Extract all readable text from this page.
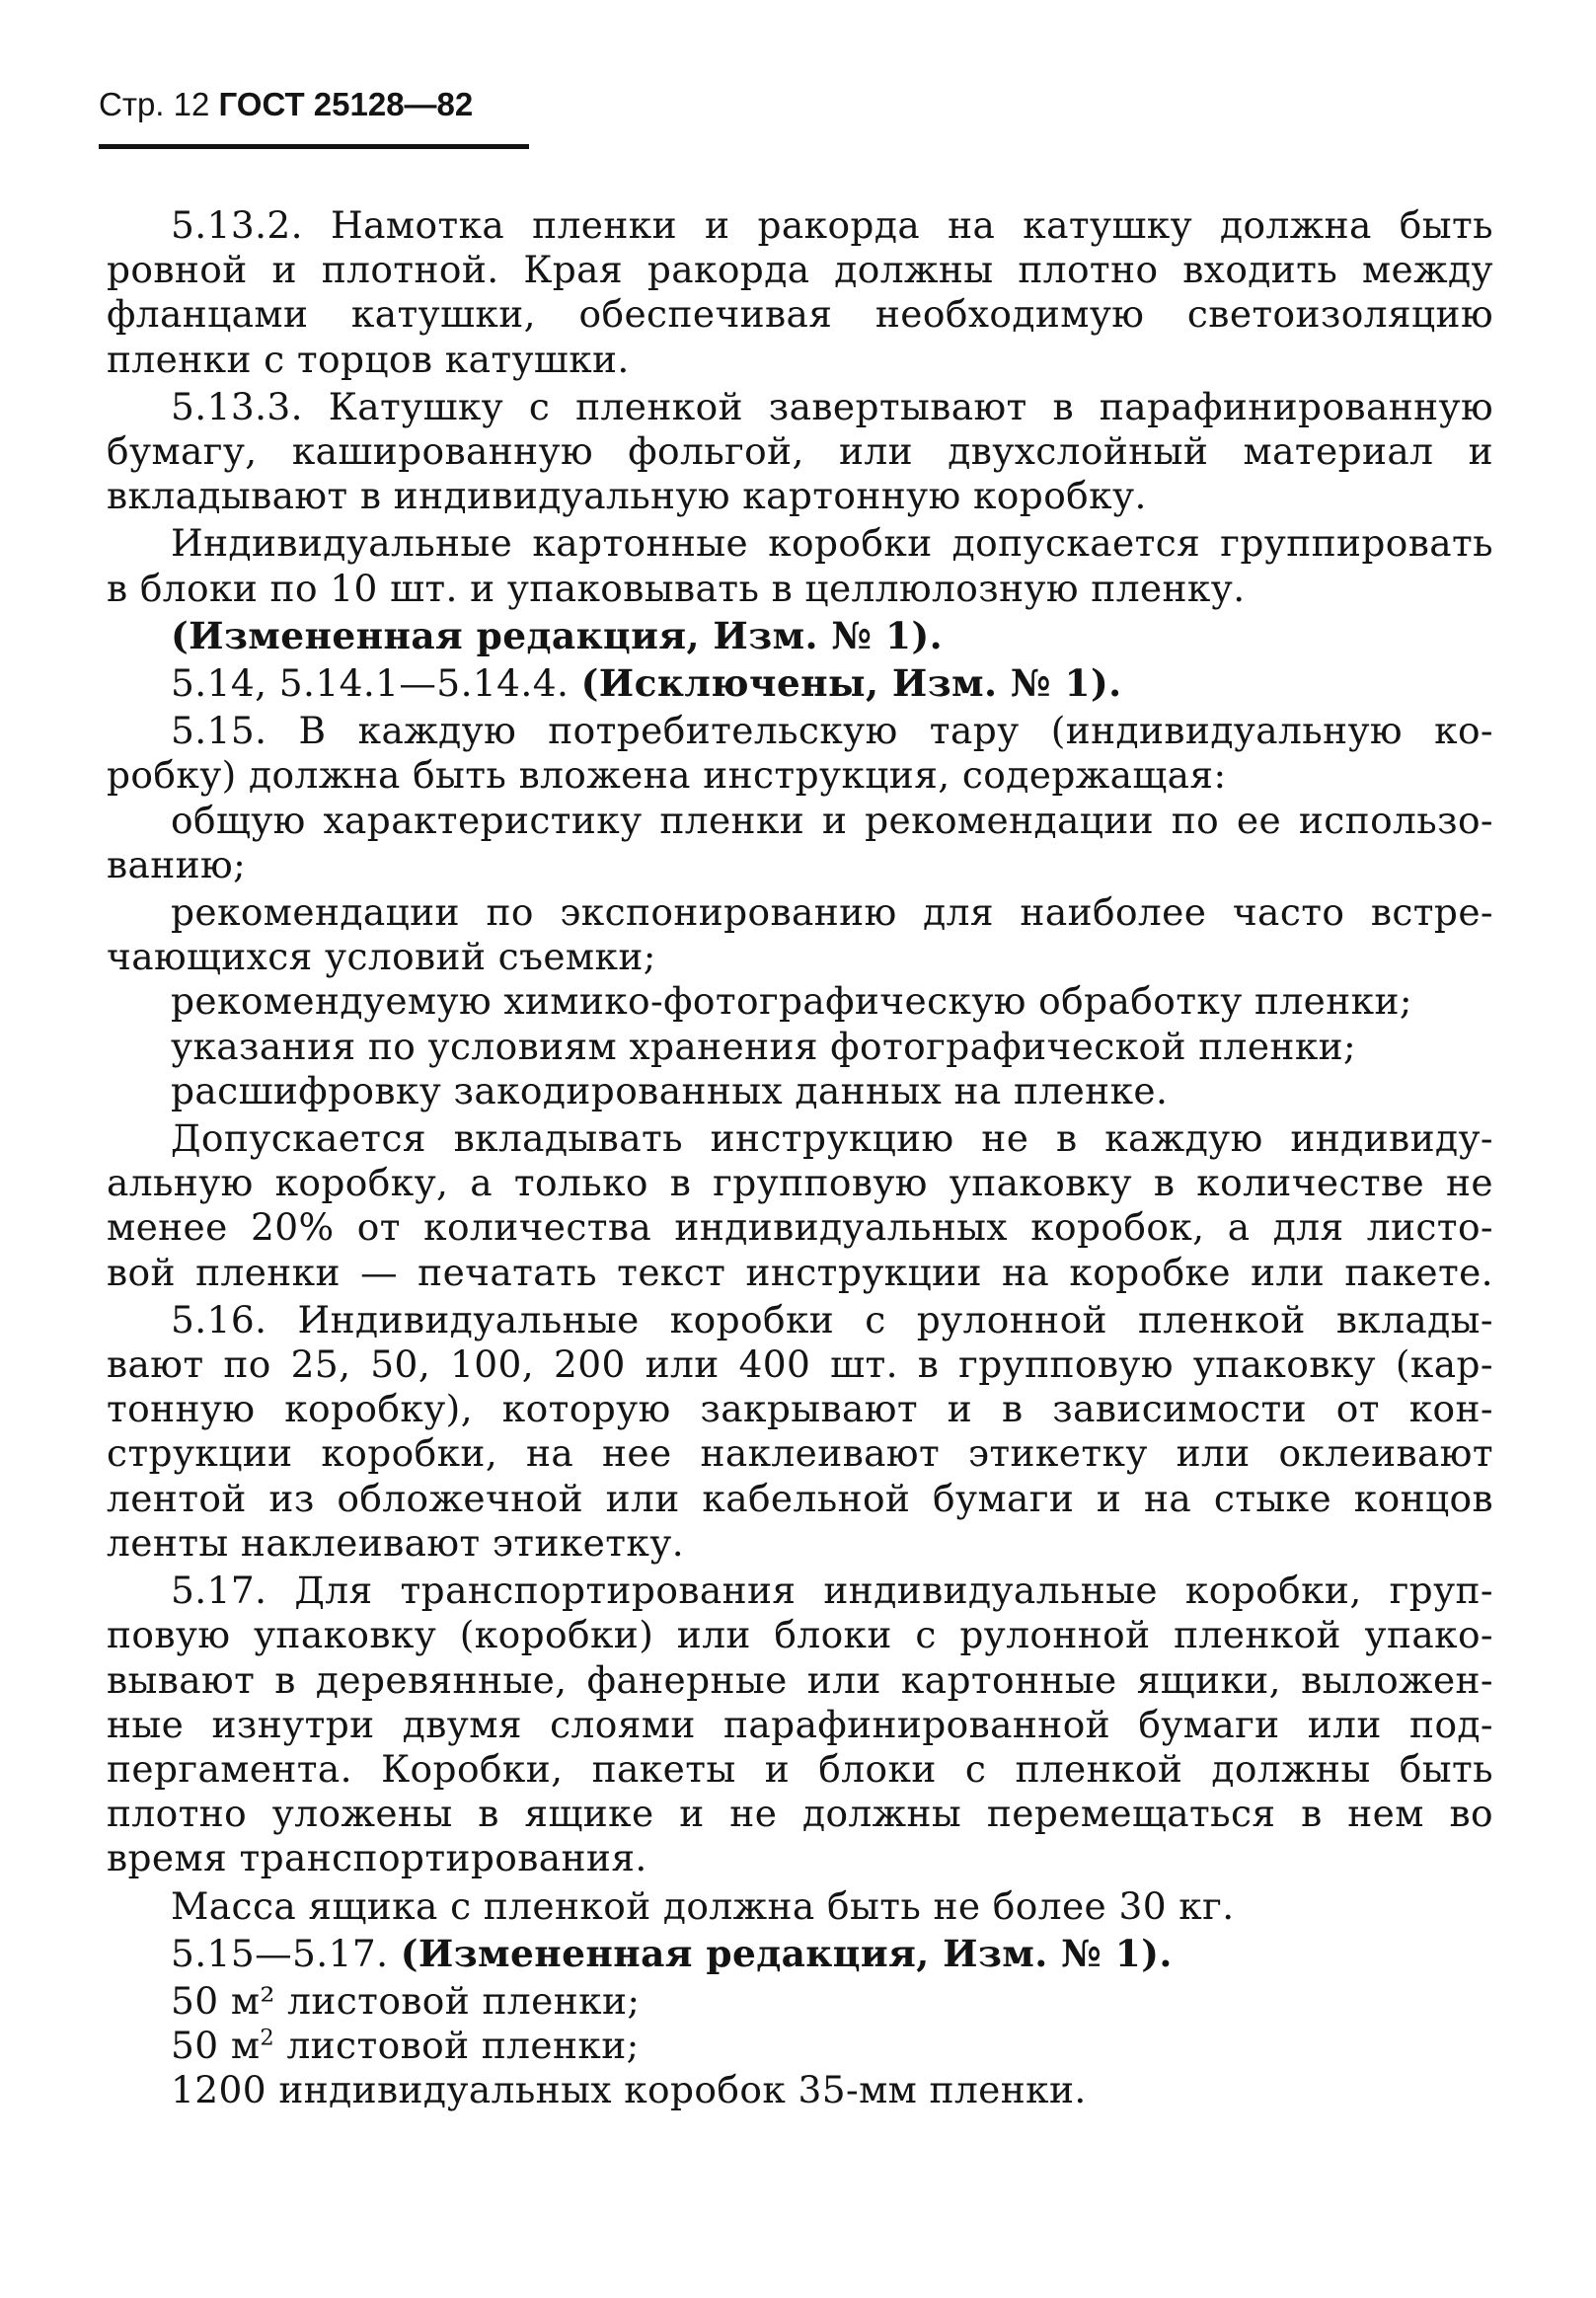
Стр. 12 ГОСТ 25128—82
5.13.2. Намотка пленки и ракорда на катушку должна быть
ровной и плотной. Края ракорда должны плотно входить между
фланцами катушки, обеспечивая необходимую светоизоляцию
пленки с торцов катушки.
5.13.3. Катушку с пленкой завертывают в парафинированную
бумагу, кашированную фольгой, или двухслойный материал и
вкладывают в индивидуальную картонную коробку.
Индивидуальные картонные коробки допускается группировать
в блоки по 10 шт. и упаковывать в целлюлозную пленку.
(Измененная редакция, Изм. № 1).
5.14, 5.14.1—5.14.4. (Исключены, Изм. № 1).
5.15. В каждую потребительскую тару (индивидуальную ко-
робку) должна быть вложена инструкция, содержащая:
общую характеристику пленки и рекомендации по ее использо-
ванию;
рекомендации по экспонированию для наиболее часто встре-
чающихся условий съемки;
рекомендуемую химико-фотографическую обработку пленки;
указания по условиям хранения фотографической пленки;
расшифровку закодированных данных на пленке.
Допускается вкладывать инструкцию не в каждую индивиду-
альную коробку, а только в групповую упаковку в количестве не
менее 20% от количества индивидуальных коробок, а для листо-
вой пленки — печатать текст инструкции на коробке или пакете.
5.16. Индивидуальные коробки с рулонной пленкой вклады-
вают по 25, 50, 100, 200 или 400 шт. в групповую упаковку (кар-
тонную коробку), которую закрывают и в зависимости от кон-
струкции коробки, на нее наклеивают этикетку или оклеивают
лентой из обложечной или кабельной бумаги и на стыке концов
ленты наклеивают этикетку.
5.17. Для транспортирования индивидуальные коробки, груп-
повую упаковку (коробки) или блоки с рулонной пленкой упако-
вывают в деревянные, фанерные или картонные ящики, выложен-
ные изнутри двумя слоями парафинированной бумаги или под-
пергамента. Коробки, пакеты и блоки с пленкой должны быть
плотно уложены в ящике и не должны перемещаться в нем во
время транспортирования.
Масса ящика с пленкой должна быть не более 30 кг.
5.15—5.17. (Измененная редакция, Изм. № 1).
50 м² листовой пленки;
50 $м^2$ листовой пленки;
1200 индивидуальных коробок 35-мм пленки.
